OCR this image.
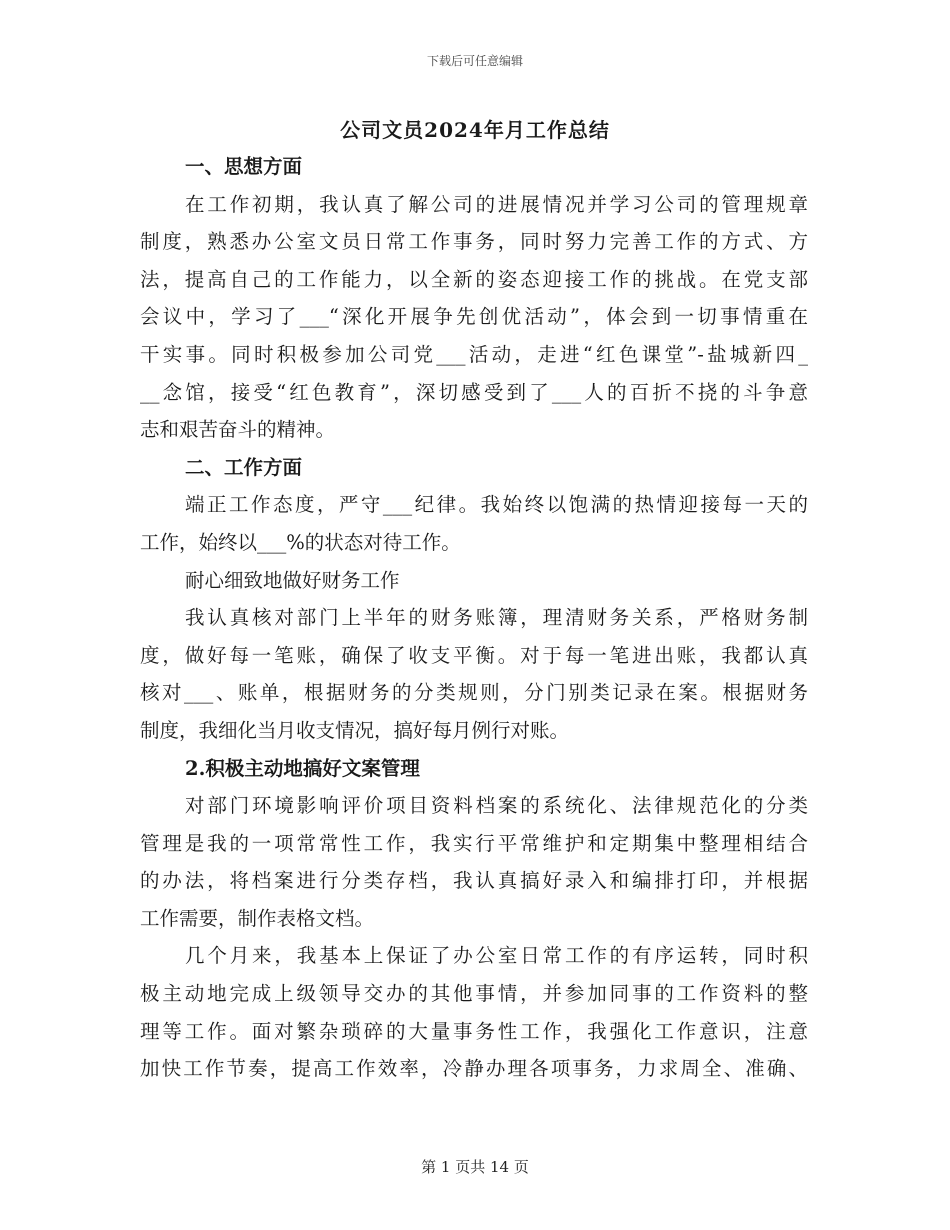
下载后可任意编辑
公司文员2024年月工作总结
一、思想方面
在工作初期，我认真了解公司的进展情况并学习公司的管理规章
制度，熟悉办公室文员日常工作事务，同时努力完善工作的方式、方
法，提高自己的工作能力，以全新的姿态迎接工作的挑战。在党支部
会议中，学习了___“深化开展争先创优活动”，体会到一切事情重在
干实事。同时积极参加公司党___活动，走进“红色课堂”-盐城新四_
__念馆，接受“红色教育”，深切感受到了___人的百折不挠的斗争意
志和艰苦奋斗的精神。
二、工作方面
端正工作态度，严守___纪律。我始终以饱满的热情迎接每一天的
工作，始终以___%的状态对待工作。
耐心细致地做好财务工作
我认真核对部门上半年的财务账簿，理清财务关系，严格财务制
度，做好每一笔账，确保了收支平衡。对于每一笔进出账，我都认真
核对___、账单，根据财务的分类规则，分门别类记录在案。根据财务
制度，我细化当月收支情况，搞好每月例行对账。
2.积极主动地搞好文案管理
对部门环境影响评价项目资料档案的系统化、法律规范化的分类
管理是我的一项常常性工作，我实行平常维护和定期集中整理相结合
的办法，将档案进行分类存档，我认真搞好录入和编排打印，并根据
工作需要，制作表格文档。
几个月来，我基本上保证了办公室日常工作的有序运转，同时积
极主动地完成上级领导交办的其他事情，并参加同事的工作资料的整
理等工作。面对繁杂琐碎的大量事务性工作，我强化工作意识，注意
加快工作节奏，提高工作效率，冷静办理各项事务，力求周全、准确、
第 1 页共 14 页
